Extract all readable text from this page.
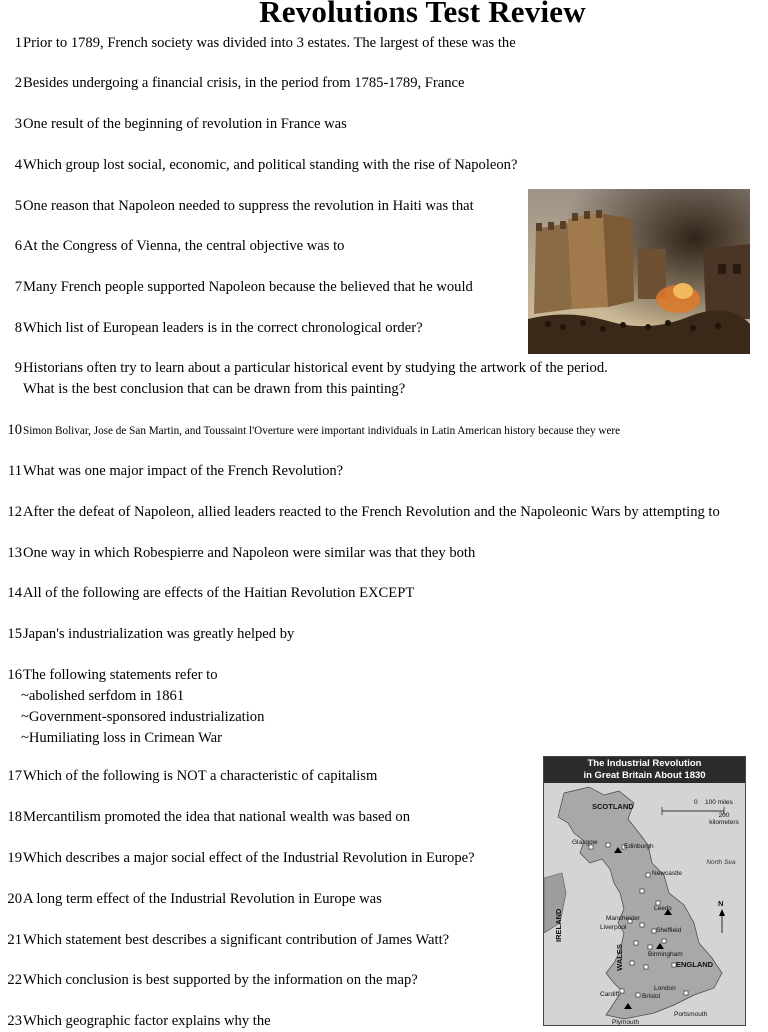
Revolutions Test Review
1Prior to 1789, French society was divided into 3 estates. The largest of these was the
2Besides undergoing a financial crisis, in the period from 1785-1789, France
3One result of the beginning of revolution in France was
4Which group lost social, economic, and political standing with the rise of Napoleon?
5One reason that Napoleon needed to suppress the revolution in Haiti was that
6At the Congress of Vienna, the central objective was to
7Many French people supported Napoleon because the believed that he would
8Which list of European leaders is in the correct chronological order?
9Historians often try to learn about a particular historical event by studying the artwork of the period.
What is the best conclusion that can be drawn from this painting?
10Simon Bolivar, Jose de San Martin, and Toussaint l'Overture were important individuals in Latin American history because they were
11What was one major impact of the French Revolution?
12After the defeat of Napoleon, allied leaders reacted to the French Revolution and the Napoleonic Wars by attempting to
13One way in which Robespierre and Napoleon were similar was that they both
14All of the following are effects of the Haitian Revolution EXCEPT
15Japan's industrialization was greatly helped by
16The following statements refer to
~abolished serfdom in 1861
~Government-sponsored industrialization
~Humiliating loss in Crimean War
17Which of the following is NOT a characteristic of capitalism
18Mercantilism promoted the idea that national wealth was based on
19Which describes a major social effect of the Industrial Revolution in Europe?
20A long term effect of the Industrial Revolution in Europe was
21Which statement best describes a significant contribution of James Watt?
22Which conclusion is best supported by the information on the map?
23Which geographic factor explains why the
The Industrial Revolution
in Great Britain About 1830
0 100 miles
200 kilometers
SCOTLAND
Edinburgh
Glasgow
North Sea
Newcastle
IRELAND
Leeds
Manchester
Liverpool	Sheffield
Birmingham
ENGLAND
WALES
London
Cardiff	Bristol
Portsmouth
Plymouth
N
